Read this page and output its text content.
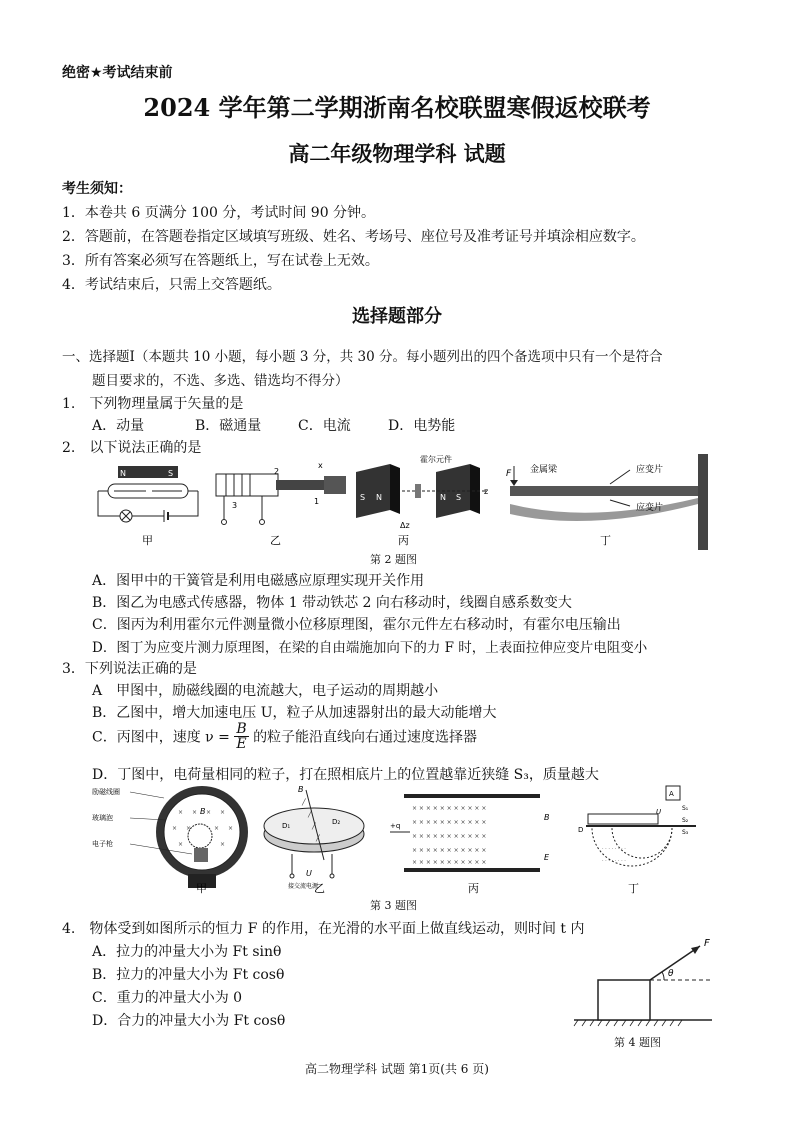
绝密★考试结束前
2024 学年第二学期浙南名校联盟寒假返校联考
高二年级物理学科 试题
考生须知：
1．本卷共 6 页满分 100 分，考试时间 90 分钟。
2．答题前，在答题卷指定区域填写班级、姓名、考场号、座位号及准考证号并填涂相应数字。
3．所有答案必须写在答题纸上，写在试卷上无效。
4．考试结束后，只需上交答题纸。
选择题部分
一、选择题Ⅰ（本题共 10 小题，每小题 3 分，共 30 分。每小题列出的四个备选项中只有一个是符合
题目要求的，不选、多选、错选均不得分）
1.　下列物理量属于矢量的是
A．动量	B．磁通量	C．电流	D．电势能
2.　以下说法正确的是
N	S	2
3	1
x
霍尔元件
S N	N S
z
Δz
F 金属梁	应变片
应变片
甲	乙	丙	丁
第 2 题图
A．图甲中的干簧管是利用电磁感应原理实现开关作用
B．图乙为电感式传感器，物体 1 带动铁芯 2 向右移动时，线圈自感系数变大
C．图丙为利用霍尔元件测量微小位移原理图，霍尔元件左右移动时，有霍尔电压输出
D．图丁为应变片测力原理图，在梁的自由端施加向下的力 F 时，上表面拉伸应变片电阻变小
3．下列说法正确的是
A　甲图中，励磁线圈的电流越大，电子运动的周期越小
B．乙图中，增大加速电压 U，粒子从加速器射出的最大动能增大
C．丙图中，速度 $\nu = \frac{B}{E}$ 的粒子能沿直线向右通过速度选择器
D．丁图中，电荷量相同的粒子，打在照相底片上的位置越靠近狭缝 S₃，质量越大
励磁线圈
玻璃泡
电子枪
× × × ×
× ×	× ×
×	×
B
╱
╱
╱
╱
B
D₁	D₂
U
接交流电源
× × × × × × × × × × ×
× × × × × × × × × × ×
× × × × × × × × × × ×
× × × × × × × × × × ×
× × × × × × × × × × ×
+q
B
E
A
U	S₁
S₂
S₃
D
· · · · · · · ·
· · · · · · · ·
甲	乙	丙	丁
第 3 题图
4.　物体受到如图所示的恒力 F 的作用，在光滑的水平面上做直线运动，则时间 t 内
A．拉力的冲量大小为 Ft sinθ
B．拉力的冲量大小为 Ft cosθ
C．重力的冲量大小为 0
D．合力的冲量大小为 Ft cosθ
θ
F
第 4 题图
高二物理学科 试题 第1页(共 6 页)
